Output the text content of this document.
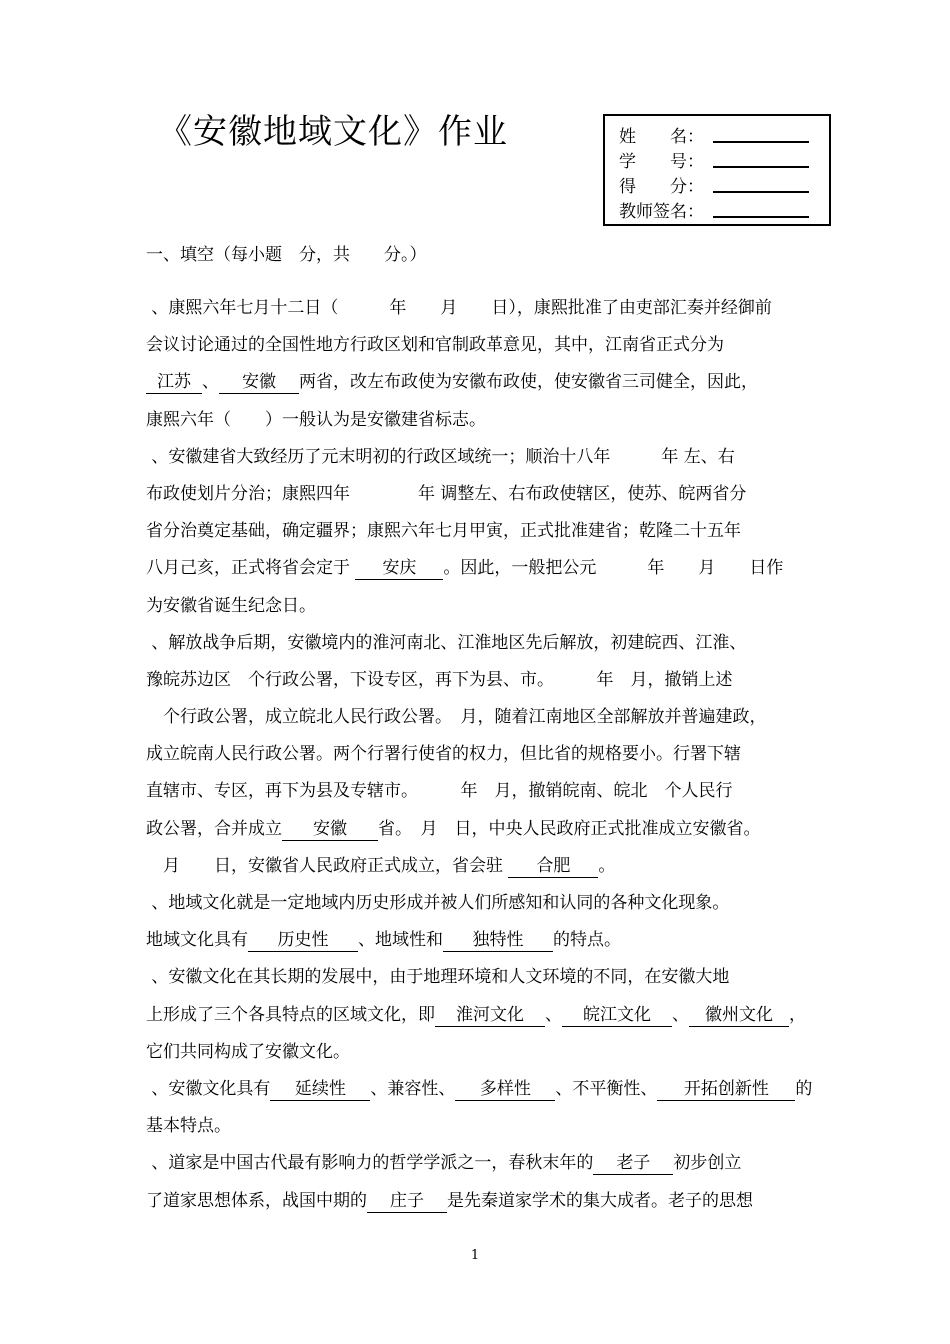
《安徽地域文化》作业	姓　　名：
学　　号：
得　　分：
教师签名：
一、填空（每小题　分，共　　分。）
、康熙六年七月十二日（　　　年　　月　　日），康熙批准了由吏部汇奏并经御前
会议讨论通过的全国性地方行政区划和官制政革意见，其中，江南省正式分为
江苏 、 安徽 两省，改左布政使为安徽布政使，使安徽省三司健全，因此，
康熙六年（　　）一般认为是安徽建省标志。
、安徽建省大致经历了元末明初的行政区域统一；顺治十八年　　　年 左、右
布政使划片分治；康熙四年　　　　年 调整左、右布政使辖区，使苏、皖两省分
省分治奠定基础，确定疆界；康熙六年七月甲寅，正式批准建省；乾隆二十五年
八月己亥，正式将省会定于 安庆 。因此，一般把公元　　　年　　月　　日作
为安徽省诞生纪念日。
、解放战争后期，安徽境内的淮河南北、江淮地区先后解放，初建皖西、江淮、
豫皖苏边区　个行政公署，下设专区，再下为县、市。　　　年　月，撤销上述
　个行政公署，成立皖北人民行政公署。　月，随着江南地区全部解放并普遍建政，
成立皖南人民行政公署。两个行署行使省的权力，但比省的规格要小。行署下辖
直辖市、专区，再下为县及专辖市。　　　年　月，撤销皖南、皖北　个人民行
政公署，合并成立 安徽 省。　月　日，中央人民政府正式批准成立安徽省。
　月　　日，安徽省人民政府正式成立，省会驻 合肥 。
、地域文化就是一定地域内历史形成并被人们所感知和认同的各种文化现象。
地域文化具有 历史性 、地域性和 独特性 的特点。
、安徽文化在其长期的发展中，由于地理环境和人文环境的不同，在安徽大地
上形成了三个各具特点的区域文化，即 淮河文化 、 皖江文化 、 徽州文化 ，
它们共同构成了安徽文化。
、安徽文化具有 延续性 、兼容性、 多样性 、不平衡性、 开拓创新性 的
基本特点。
、道家是中国古代最有影响力的哲学学派之一，春秋末年的 老子 初步创立
了道家思想体系，战国中期的 庄子 是先秦道家学术的集大成者。老子的思想
1
